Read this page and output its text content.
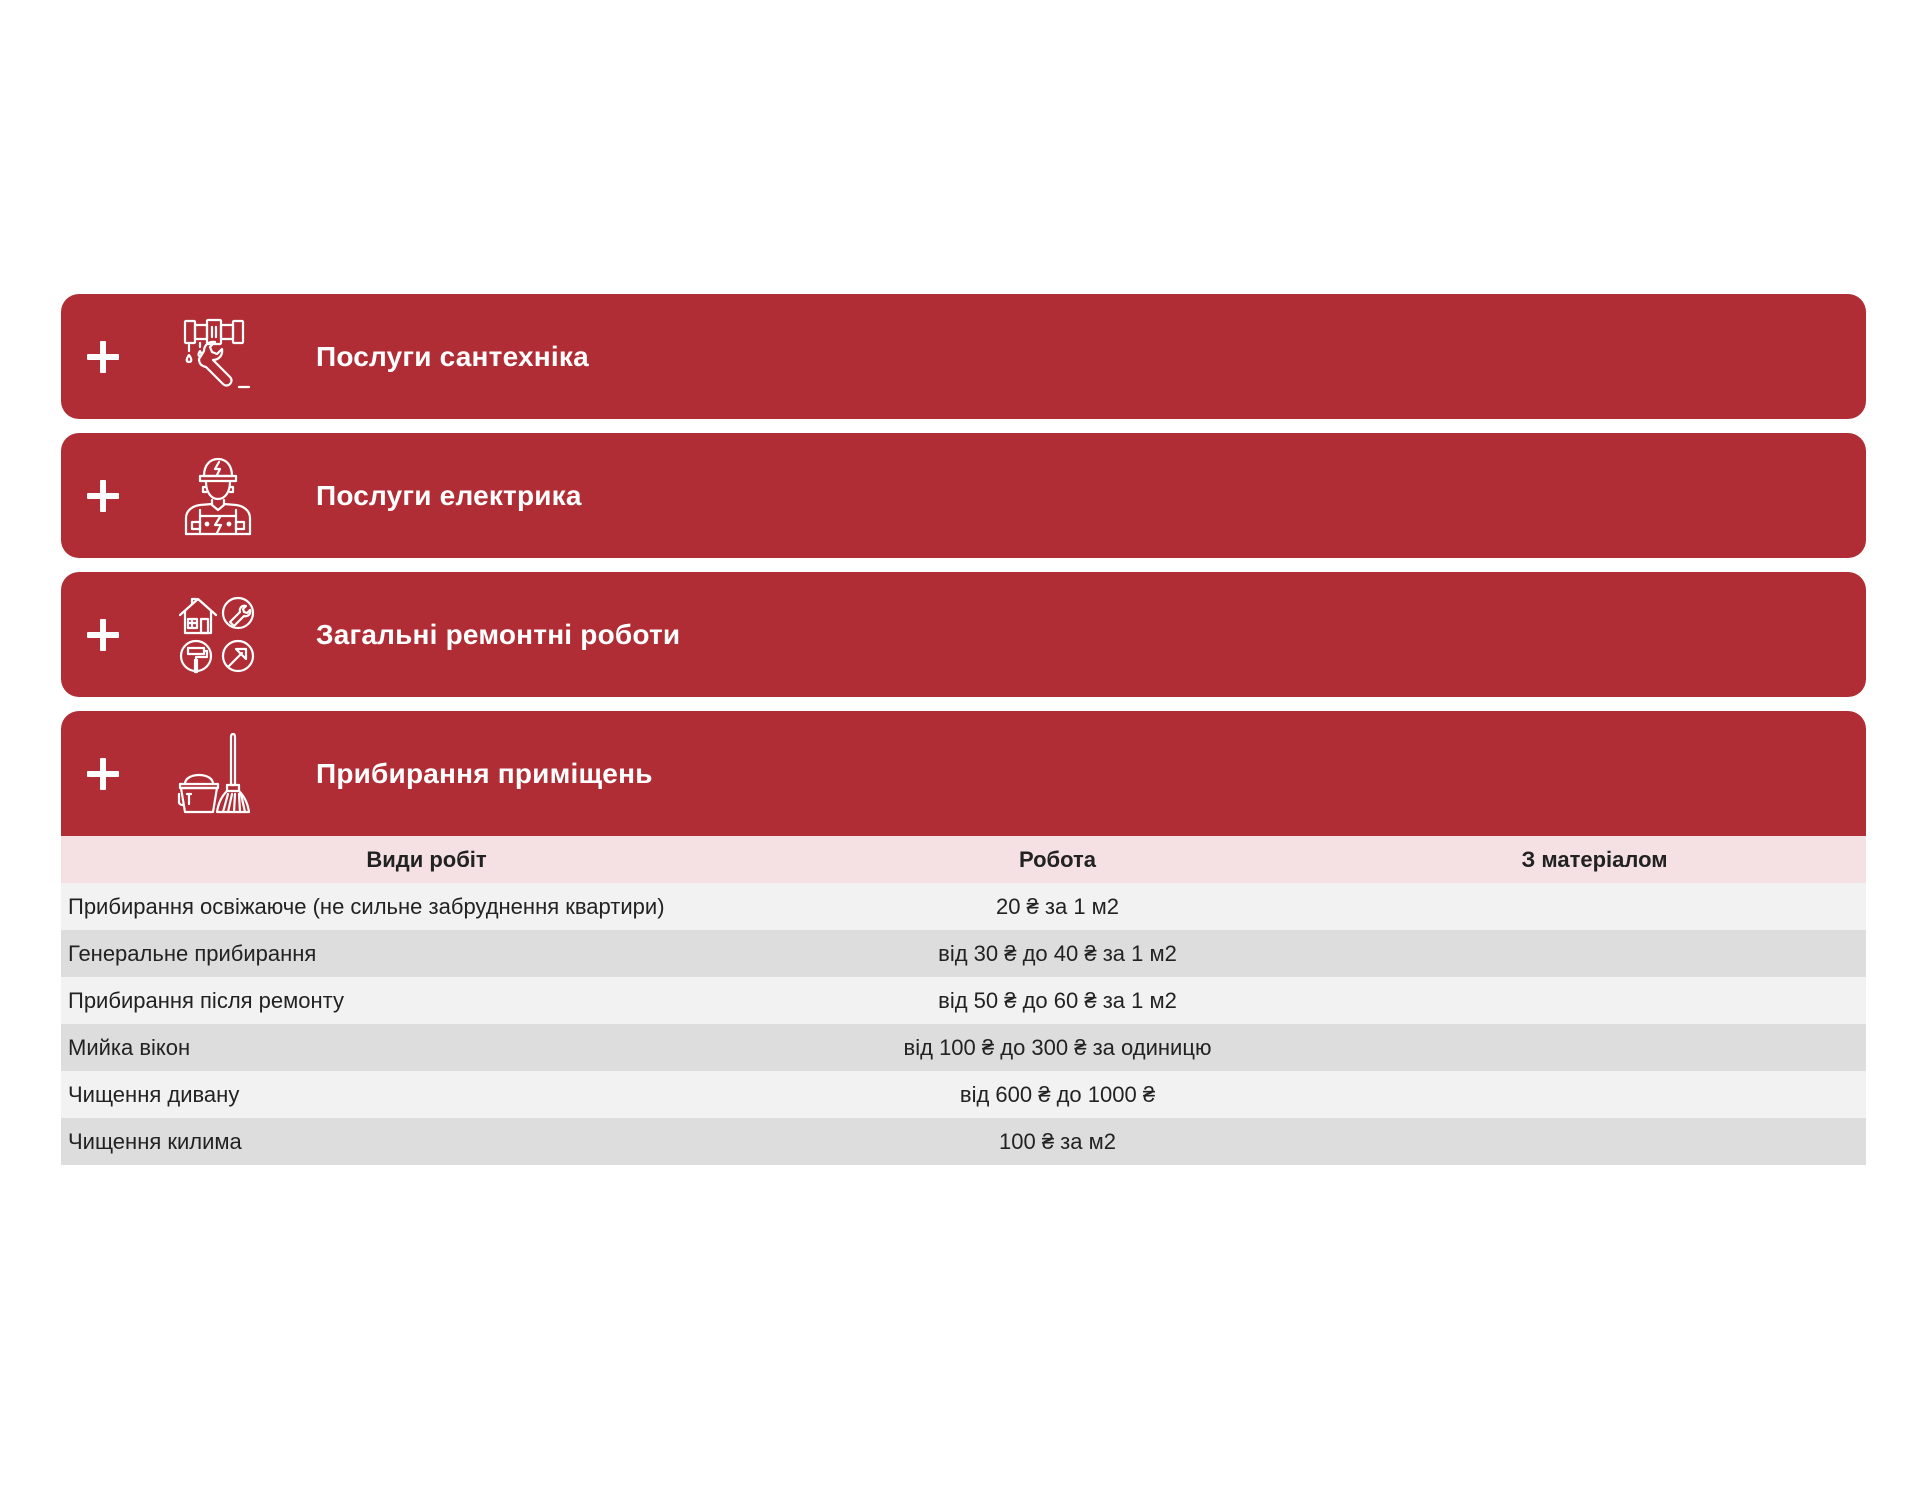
Послуги сантехніка
Послуги електрика
Загальні ремонтні роботи
Прибирання приміщень
Види робіт	Робота	З матеріалом
Прибирання освіжаюче (не сильне забруднення квартири)	20 ₴ за 1 м2	
Генеральне прибирання	від 30 ₴ до 40 ₴ за 1 м2	
Прибирання після ремонту	від 50 ₴ до 60 ₴ за 1 м2	
Мийка вікон	від 100 ₴ до 300 ₴ за одиницю	
Чищення дивану	від 600 ₴ до 1000 ₴	
Чищення килима	100 ₴ за м2	
